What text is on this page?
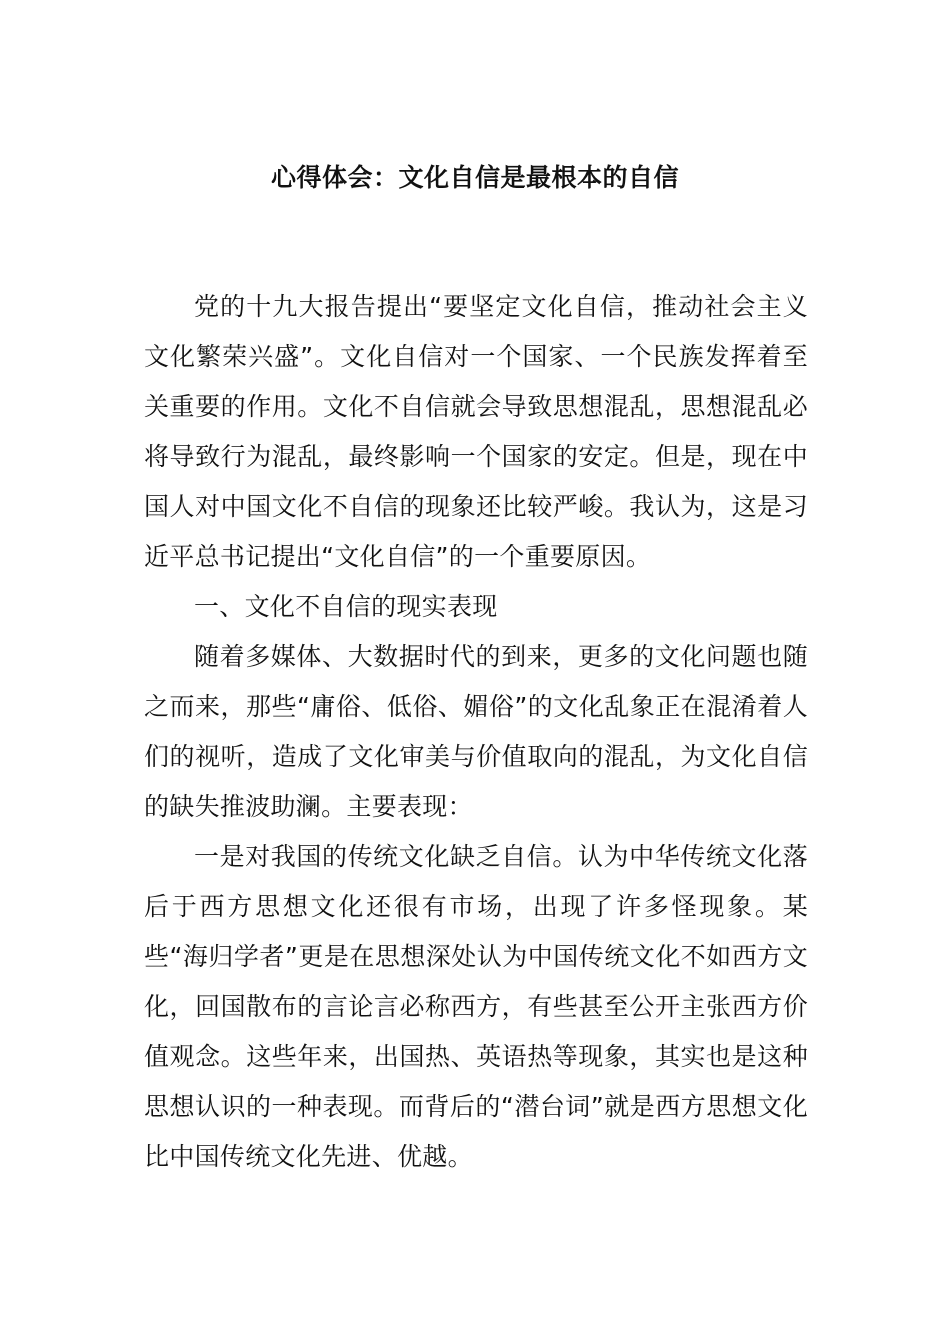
心得体会：文化自信是最根本的自信

党的十九大报告提出“要坚定文化自信，推动社会主义文化繁荣兴盛”。文化自信对一个国家、一个民族发挥着至关重要的作用。文化不自信就会导致思想混乱，思想混乱必将导致行为混乱，最终影响一个国家的安定。但是，现在中国人对中国文化不自信的现象还比较严峻。我认为，这是习近平总书记提出“文化自信”的一个重要原因。

一、文化不自信的现实表现

随着多媒体、大数据时代的到来，更多的文化问题也随之而来，那些“庸俗、低俗、媚俗”的文化乱象正在混淆着人们的视听，造成了文化审美与价值取向的混乱，为文化自信的缺失推波助澜。主要表现：

一是对我国的传统文化缺乏自信。认为中华传统文化落后于西方思想文化还很有市场，出现了许多怪现象。某些“海归学者”更是在思想深处认为中国传统文化不如西方文化，回国散布的言论言必称西方，有些甚至公开主张西方价值观念。这些年来，出国热、英语热等现象，其实也是这种思想认识的一种表现。而背后的“潜台词”就是西方思想文化比中国传统文化先进、优越。
